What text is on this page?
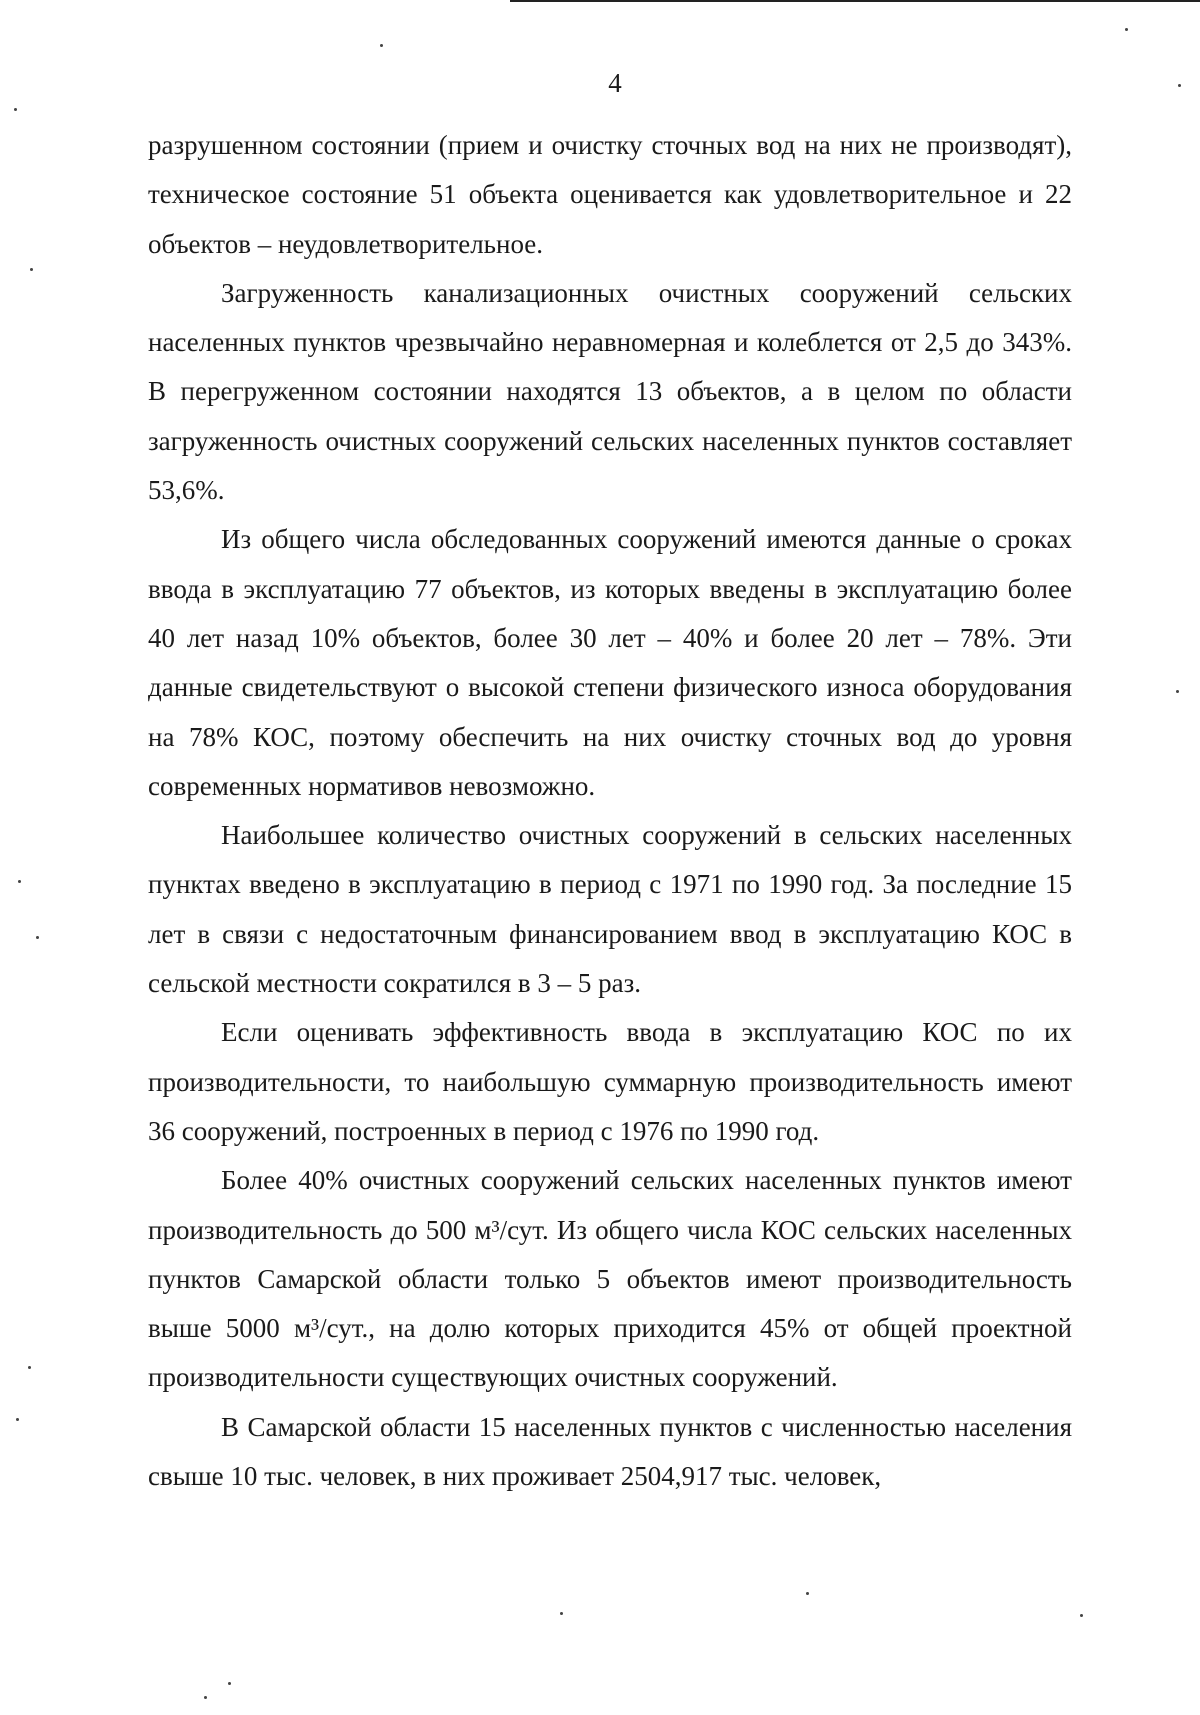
4

разрушенном состоянии (прием и очистку сточных вод на них не производят), техническое состояние 51 объекта оценивается как удовлетворительное и 22 объектов – неудовлетворительное.

Загруженность канализационных очистных сооружений сельских населенных пунктов чрезвычайно неравномерная и колеблется от 2,5 до 343%. В перегруженном состоянии находятся 13 объектов, а в целом по области загруженность очистных сооружений сельских населенных пунктов составляет 53,6%.

Из общего числа обследованных сооружений имеются данные о сроках ввода в эксплуатацию 77 объектов, из которых введены в эксплуатацию более 40 лет назад 10% объектов, более 30 лет – 40% и более 20 лет – 78%. Эти данные свидетельствуют о высокой степени физического износа оборудования на 78% КОС, поэтому обеспечить на них очистку сточных вод до уровня современных нормативов невозможно.

Наибольшее количество очистных сооружений в сельских населенных пунктах введено в эксплуатацию в период с 1971 по 1990 год. За последние 15 лет в связи с недостаточным финансированием ввод в эксплуатацию КОС в сельской местности сократился в 3 – 5 раз.

Если оценивать эффективность ввода в эксплуатацию КОС по их производительности, то наибольшую суммарную производительность имеют 36 сооружений, построенных в период с 1976 по 1990 год.

Более 40% очистных сооружений сельских населенных пунктов имеют производительность до 500 м³/сут. Из общего числа КОС сельских населенных пунктов Самарской области только 5 объектов имеют производительность выше 5000 м³/сут., на долю которых приходится 45% от общей проектной производительности существующих очистных сооружений.

В Самарской области 15 населенных пунктов с численностью населения свыше 10 тыс. человек, в них проживает 2504,917 тыс. человек,
